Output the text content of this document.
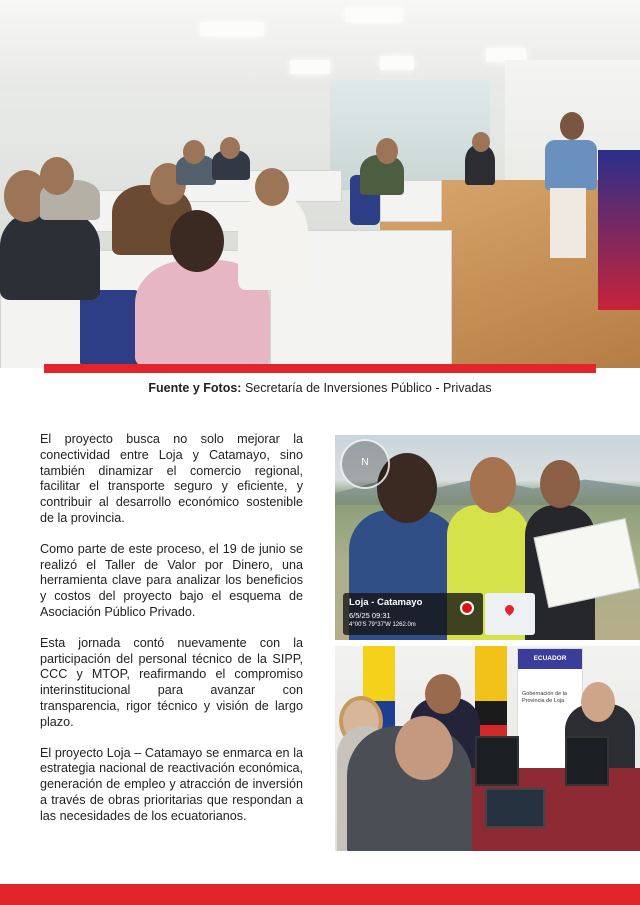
Fuente y Fotos: Secretaría de Inversiones Público - Privadas

El proyecto busca no solo mejorar la conectividad entre Loja y Catamayo, sino también dinamizar el comercio regional, facilitar el transporte seguro y eficiente, y contribuir al desarrollo económico sostenible de la provincia.

Como parte de este proceso, el 19 de junio se realizó el Taller de Valor por Dinero, una herramienta clave para analizar los beneficios y costos del proyecto bajo el esquema de Asociación Público Privado.

Esta jornada contó nuevamente con la participación del personal técnico de la SIPP, CCC y MTOP, reafirmando el compromiso interinstitucional para avanzar con transparencia, rigor técnico y visión de largo plazo.

El proyecto Loja – Catamayo se enmarca en la estrategia nacional de reactivación económica, generación de empleo y atracción de inversión a través de obras prioritarias que respondan a las necesidades de los ecuatorianos.

N
Loja - Catamayo
6/5/25 09:31
4°00'S 79°37'W 1262.0m
ECUADOR
Gobernación de la Provincia de Loja
